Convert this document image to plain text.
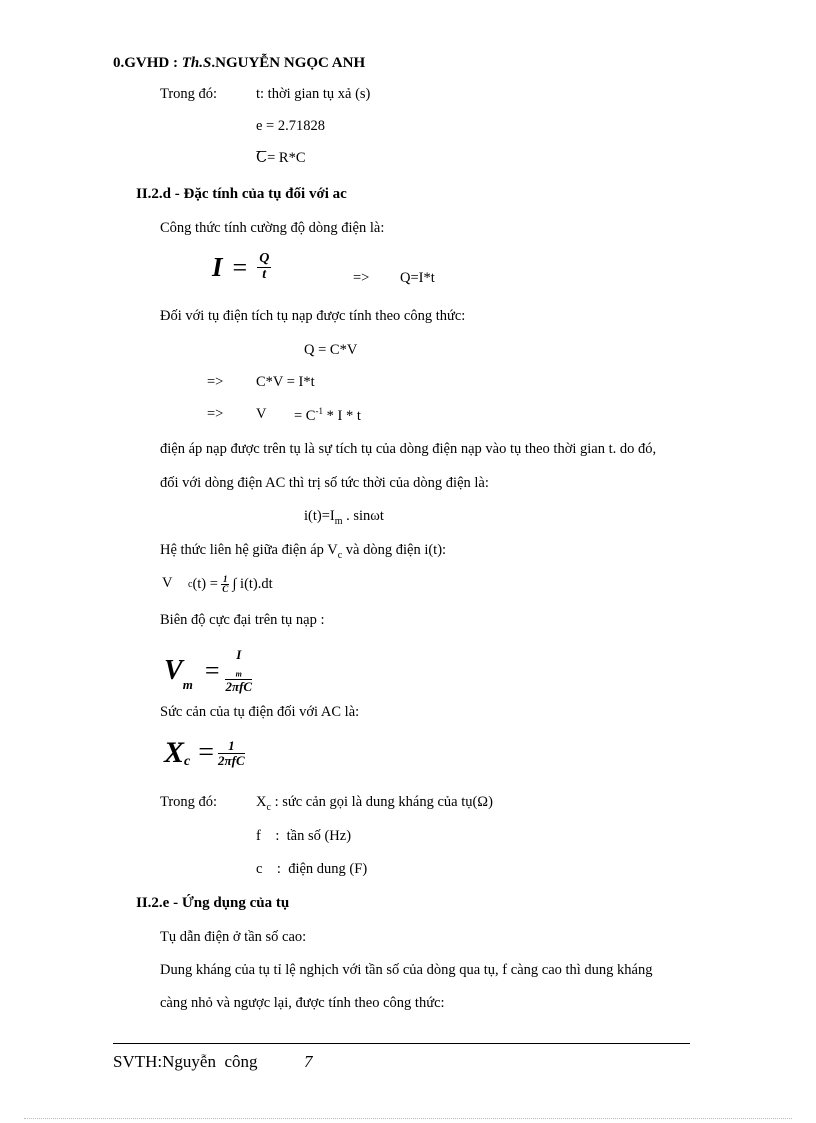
0.GVHD : Th.S.NGUYỄN NGỌC ANH
Trong đó:	t: thời gian tụ xả (s)
e = 2.71828
Ꞇ= R*C
II.2.d - Đặc tính của tụ đối với ac
Công thức tính cường độ dòng điện là:
$I = \frac{Q}{t}$	=> Q=I*t
Đối với tụ điện tích tụ nạp được tính theo công thức:
Q = C*V
=> C*V = I*t
=> $V = C^{-1} * I * t$
điện áp nạp được trên tụ là sự tích tụ của dòng điện nạp vào tụ theo thời gian t. do đó,
đối với dòng điện AC thì trị số tức thời của dòng điện là:
$i(t)=I_m$ . sinωt
Hệ thức liên hệ giữa điện áp $V_c$ và dòng điện i(t):
V c $(t) = \frac{1}{C}$ ∫ i(t).dt
Biên độ cực đại trên tụ nạp :
V m
= I
$_m$
2πfC
Sức cản của tụ điện đối với AC là:
X $c = \frac{1}{\text{2πfC}}$
Trong đó:	$X_c$ : sức cản gọi là dung kháng của tụ(Ω)
f    :  tần số (Hz)
c    :  điện dung (F)
II.2.e - Ứng dụng của tụ
Tụ dẫn điện ở tần số cao:
Dung kháng của tụ tỉ lệ nghịch với tần số của dòng qua tụ, f càng cao thì dung kháng
càng nhỏ và ngược lại, được tính theo công thức:
SVTH:Nguyễn  công	7
